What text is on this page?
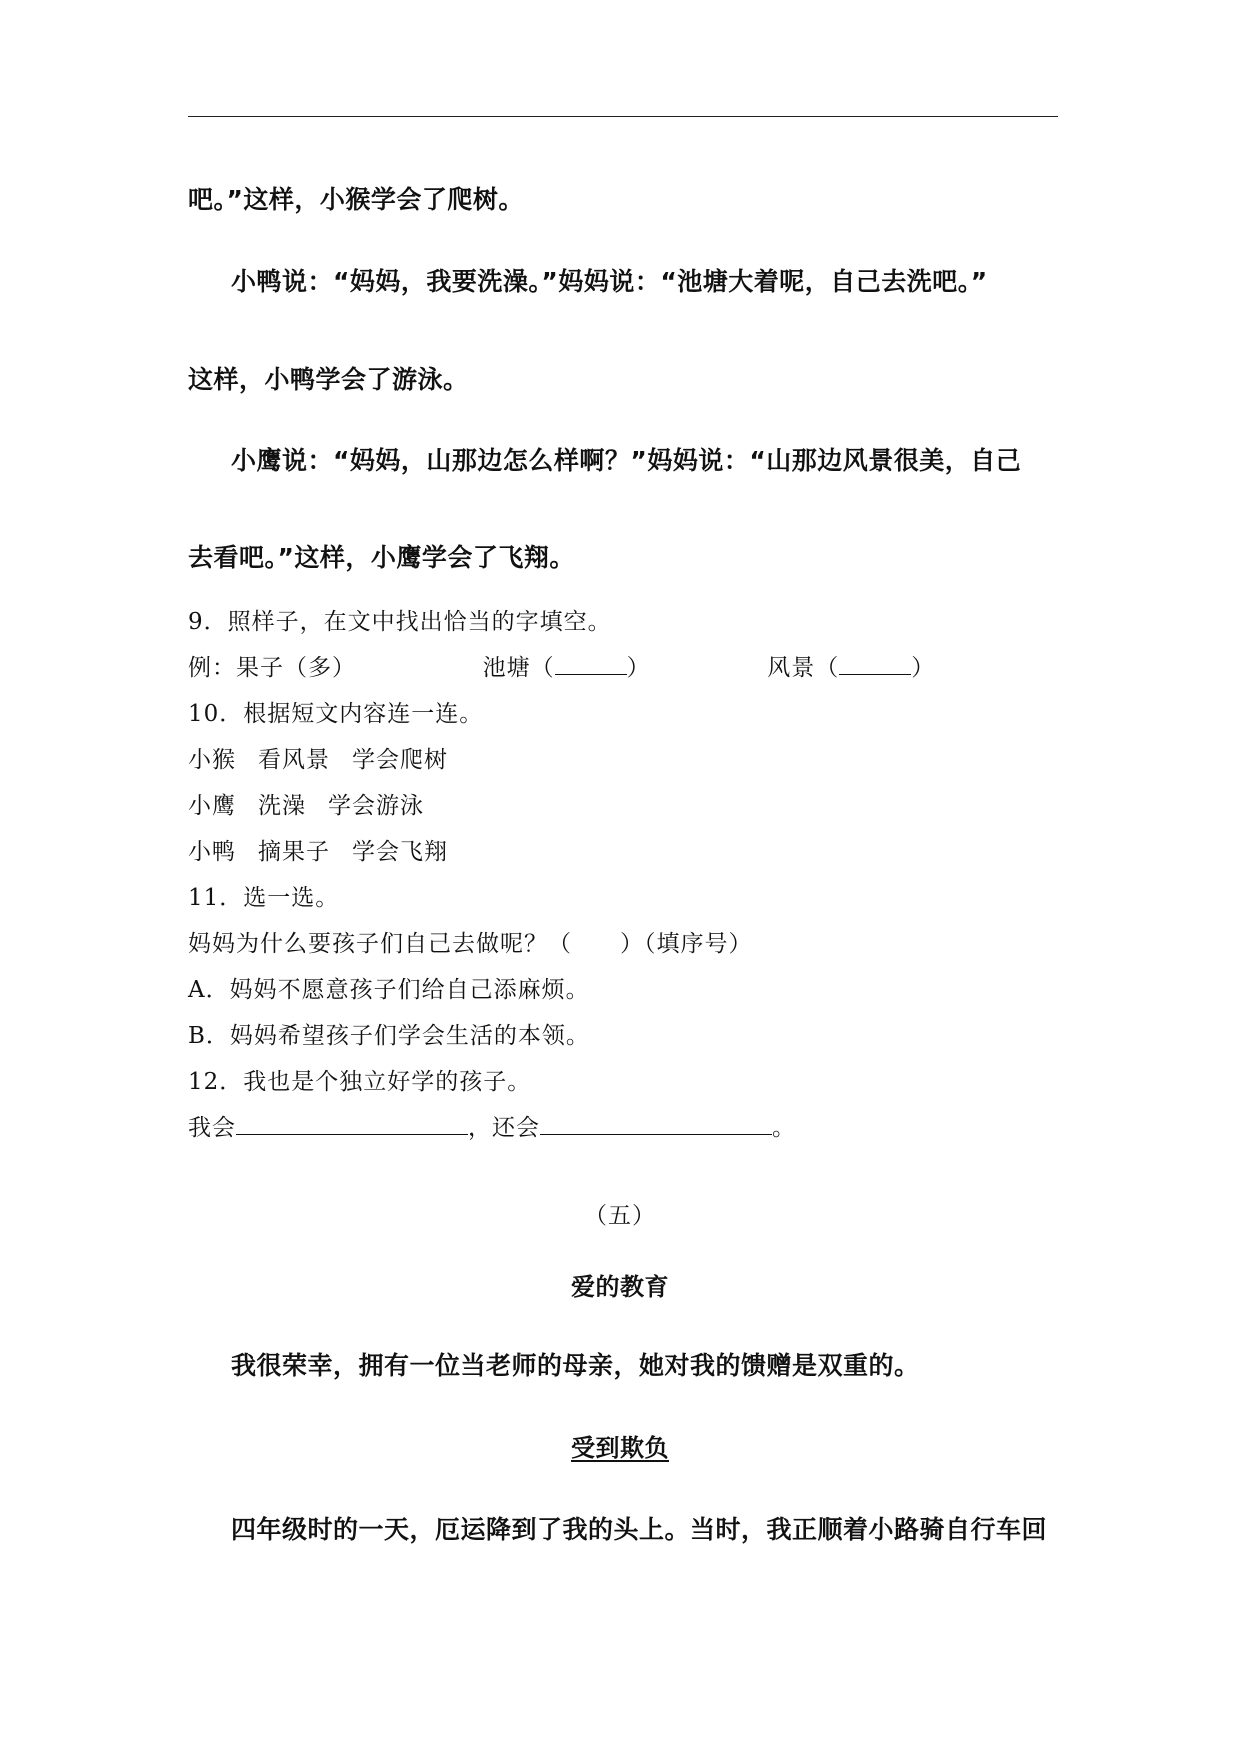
吧。”这样，小猴学会了爬树。
小鸭说：“妈妈，我要洗澡。”妈妈说：“池塘大着呢，自己去洗吧。”
这样，小鸭学会了游泳。
小鹰说：“妈妈，山那边怎么样啊？”妈妈说：“山那边风景很美，自己
去看吧。”这样，小鹰学会了飞翔。
9．照样子，在文中找出恰当的字填空。
例：果子（多）	池塘（	）	风景（	）
10．根据短文内容连一连。
小猴 看风景 学会爬树
小鹰 洗澡 学会游泳
小鸭 摘果子 学会飞翔
11．选一选。
妈妈为什么要孩子们自己去做呢？（　　）（填序号）
A．妈妈不愿意孩子们给自己添麻烦。
B．妈妈希望孩子们学会生活的本领。
12．我也是个独立好学的孩子。
我会	，还会	。
（五）
爱的教育
我很荣幸，拥有一位当老师的母亲，她对我的馈赠是双重的。
受到欺负
四年级时的一天，厄运降到了我的头上。当时，我正顺着小路骑自行车回
